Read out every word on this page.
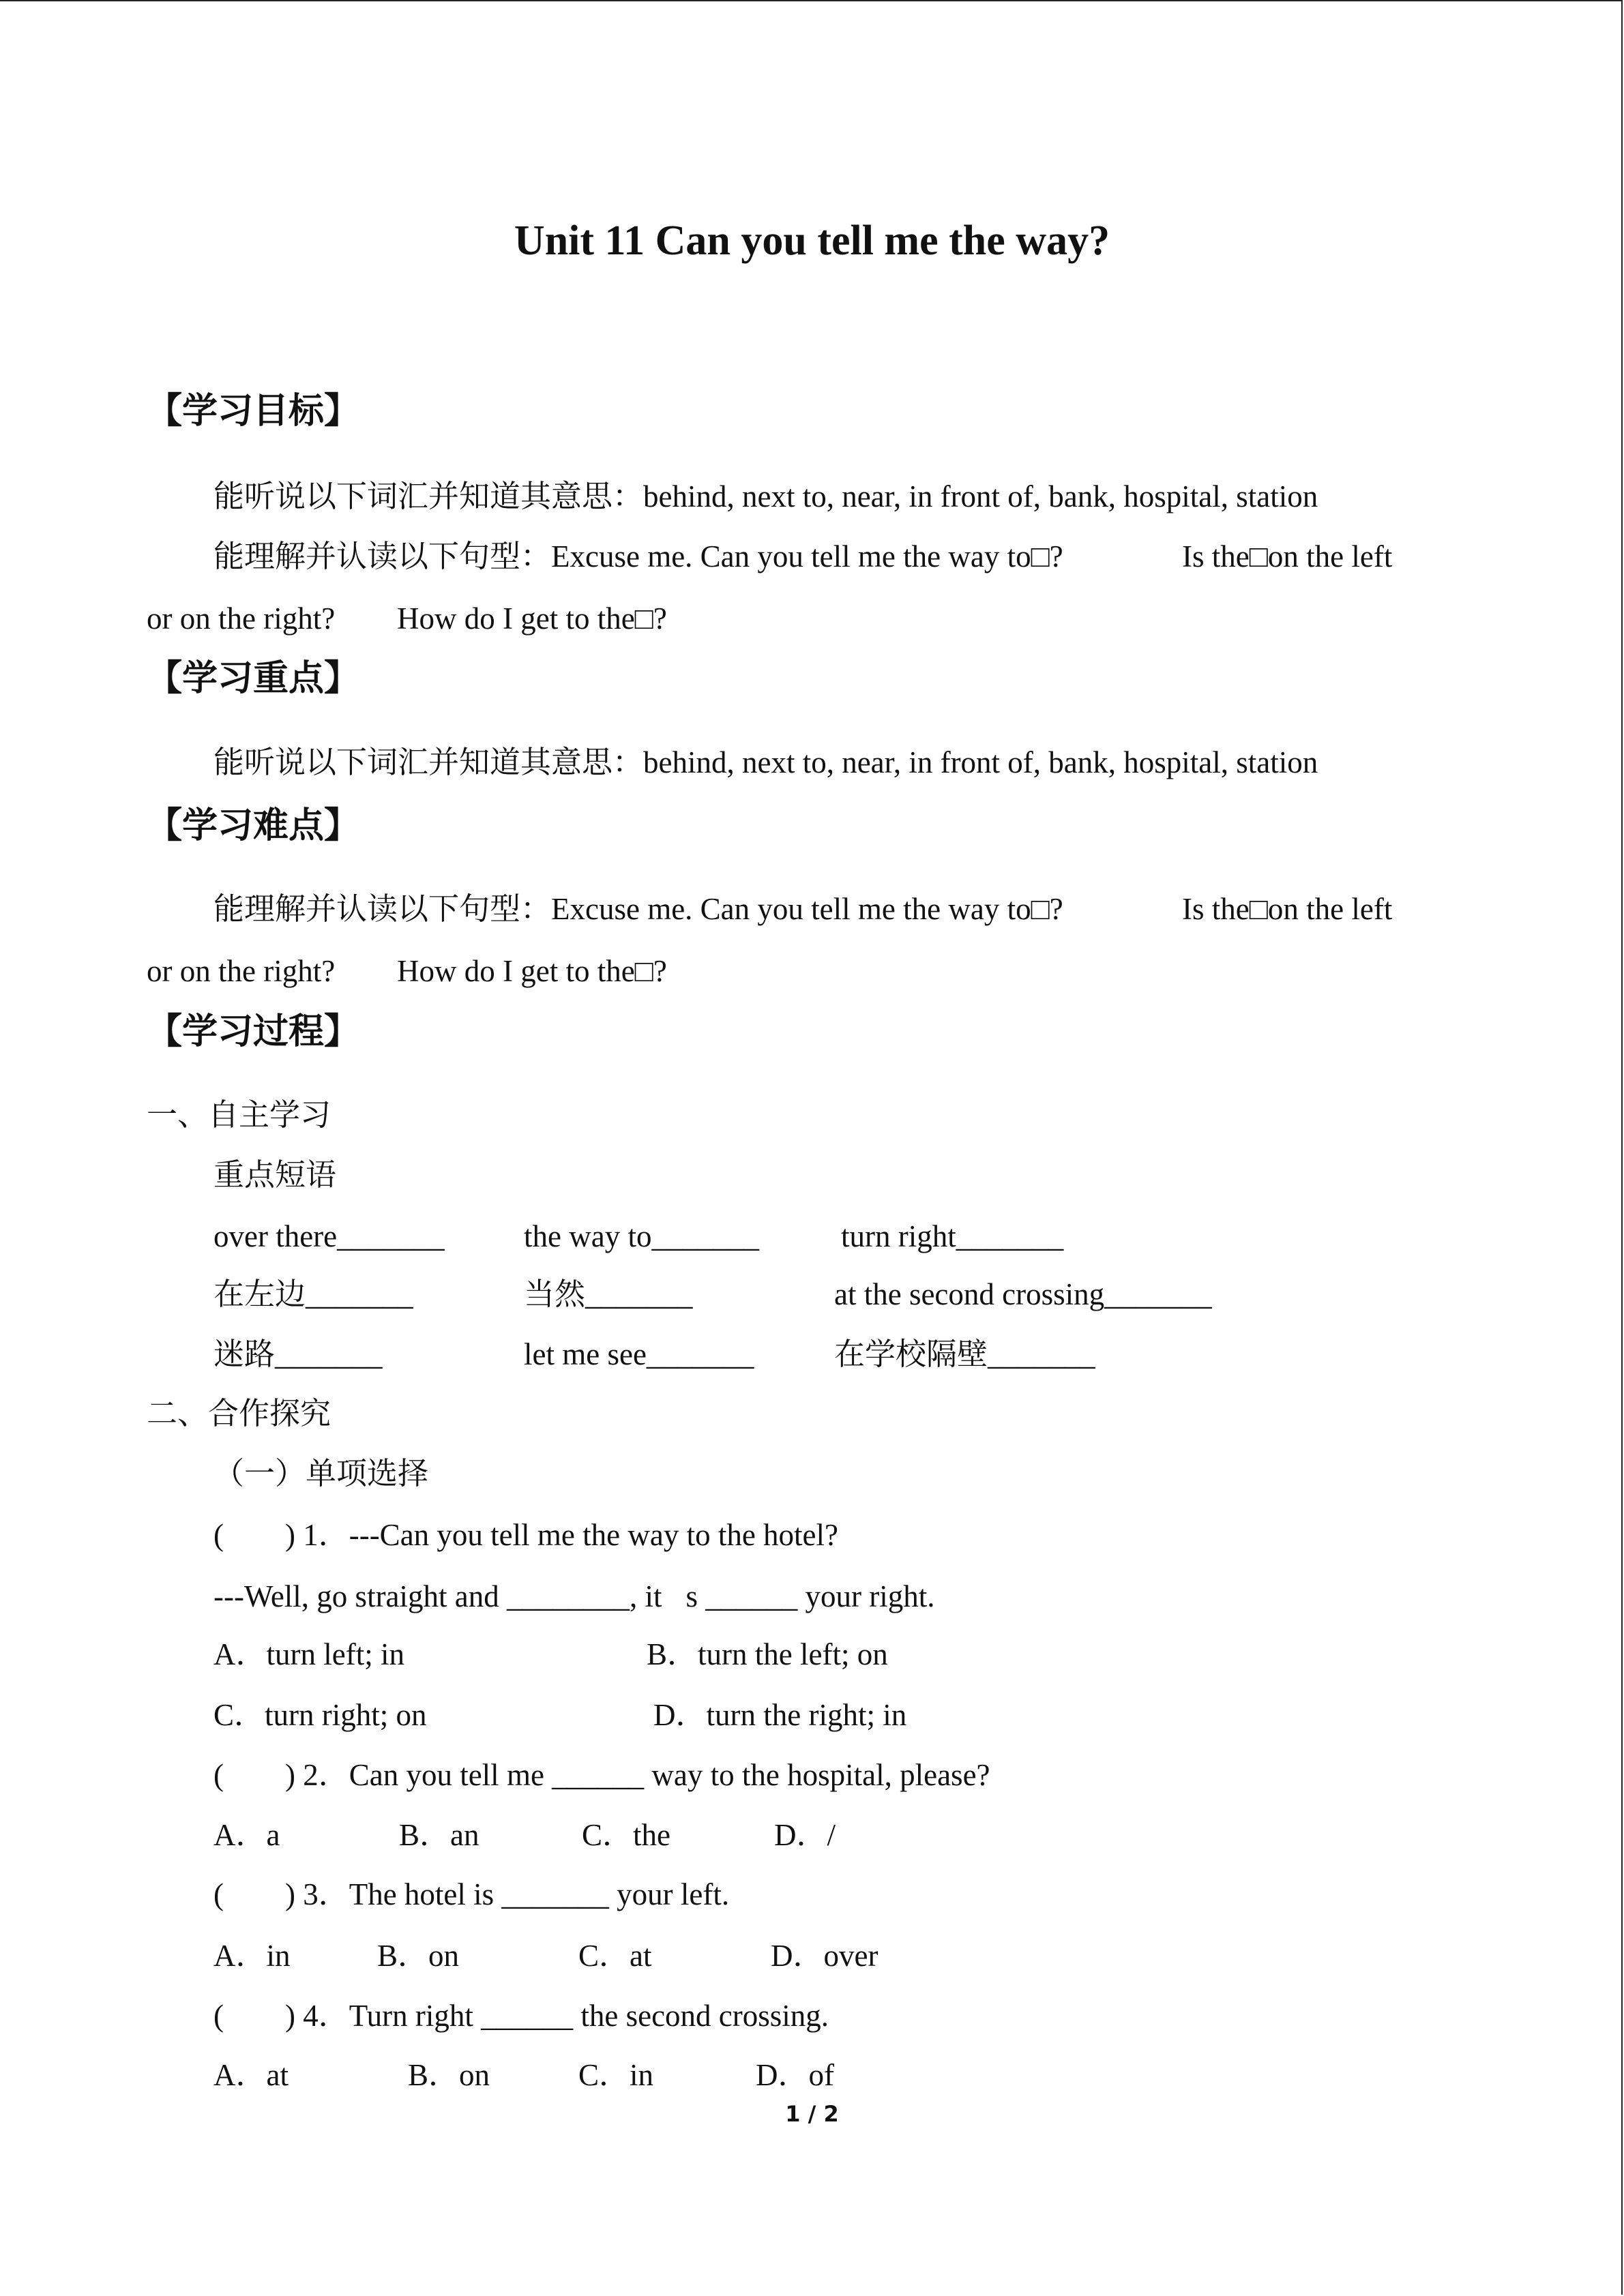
Unit 11 Can you tell me the way?
【学习目标】
能听说以下词汇并知道其意思：behind, next to, near, in front of, bank, hospital, station
能理解并认读以下句型：Excuse me. Can you tell me the way to□?	Is the□on the left
or on the right? How do I get to the□?
【学习重点】
能听说以下词汇并知道其意思：behind, next to, near, in front of, bank, hospital, station
【学习难点】
能理解并认读以下句型：Excuse me. Can you tell me the way to□?	Is the□on the left
or on the right? How do I get to the□?
【学习过程】
一、自主学习
重点短语
over there_______	the way to_______	turn right_______
在左边_______	当然_______	at the second crossing_______
迷路_______	let me see_______	在学校隔壁_______
二、合作探究
（一）单项选择
(        ) 1．---Can you tell me the way to the hotel?
---Well, go straight and ________, it⃞s ______ your right.
A．turn left; in	B．turn the left; on
C．turn right; on	D．turn the right; in
(        ) 2．Can you tell me ______ way to the hospital, please?
A．a	B．an	C．the	D．/
(        ) 3．The hotel is _______ your left.
A．in	B．on	C．at	D．over
(        ) 4．Turn right ______ the second crossing.
A．at	B．on	C．in	D．of
1 / 2
